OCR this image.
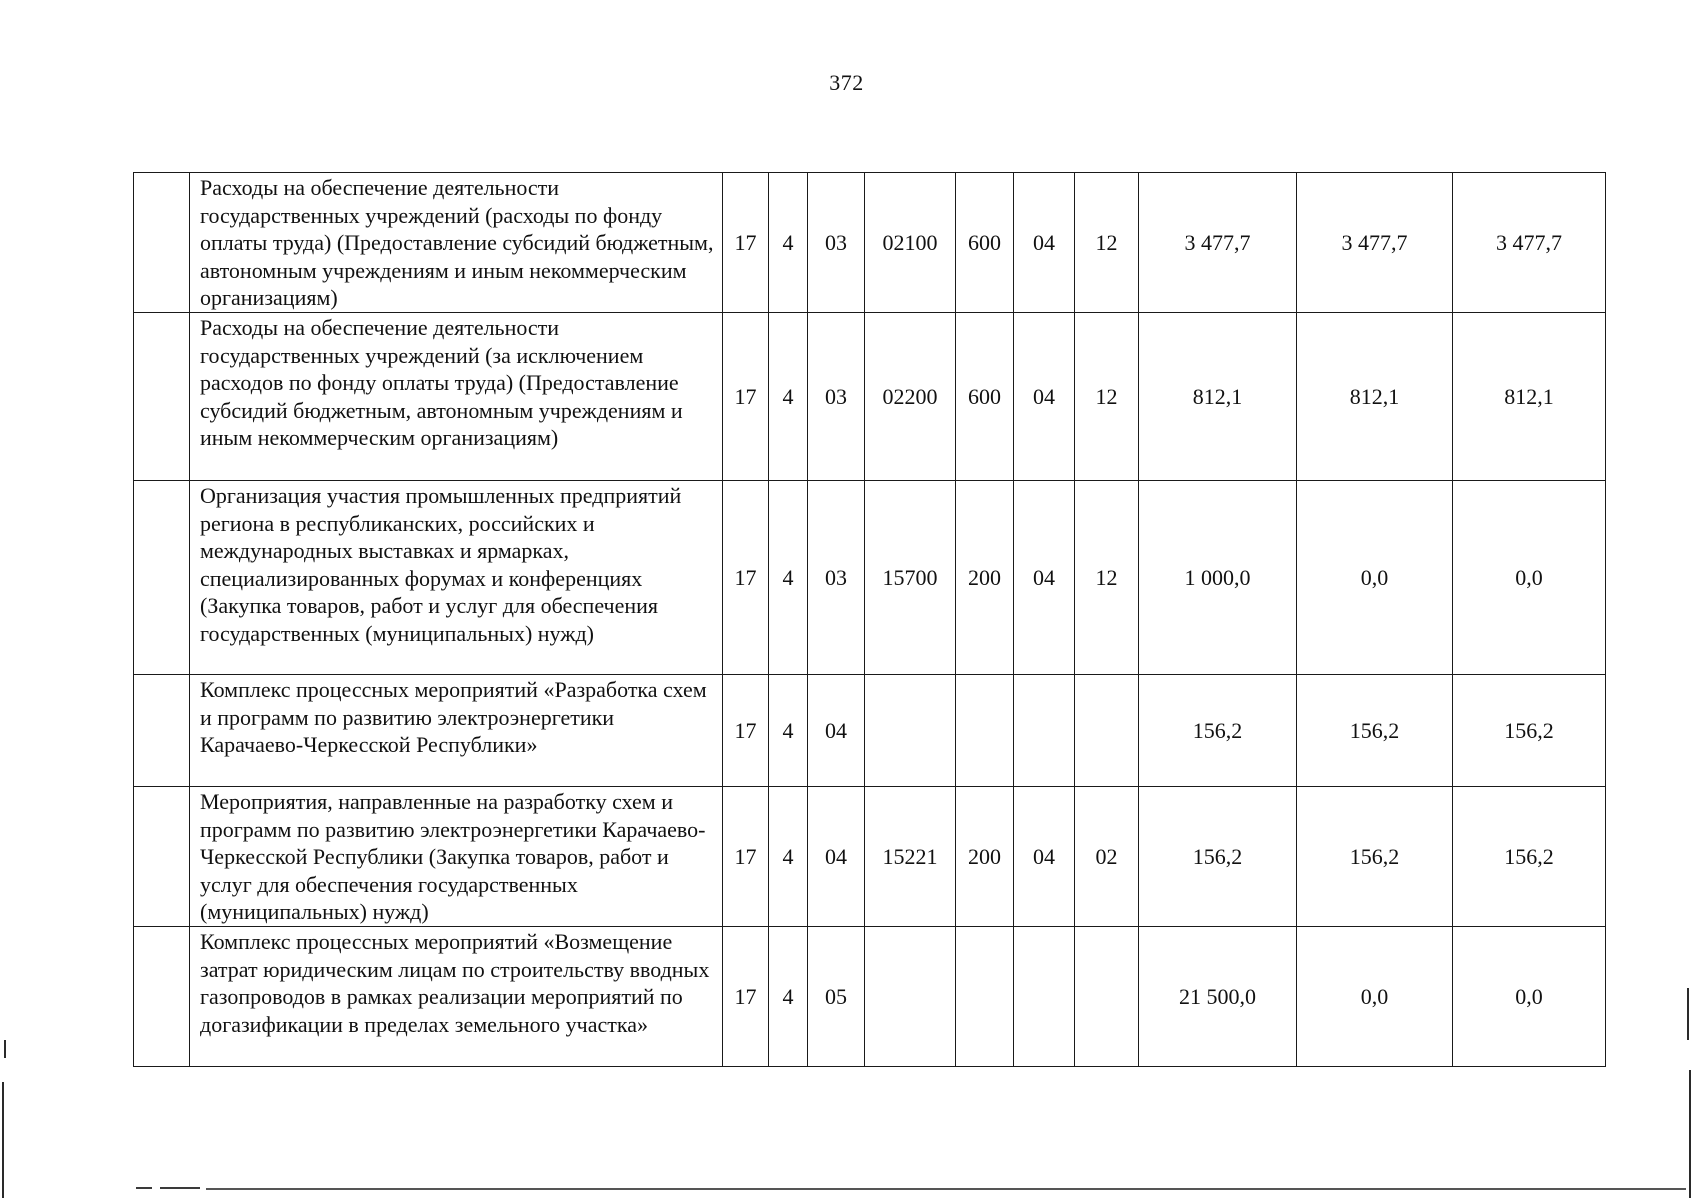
372
	Расходы на обеспечение деятельности государственных учреждений (расходы по фонду оплаты труда) (Предоставление субсидий бюджетным, автономным учреждениям и иным некоммерческим организациям)	17	4	03	02100	600	04	12	3 477,7	3 477,7	3 477,7
	Расходы на обеспечение деятельности государственных учреждений (за исключением расходов по фонду оплаты труда) (Предоставление субсидий бюджетным, автономным учреждениям и иным некоммерческим организациям)	17	4	03	02200	600	04	12	812,1	812,1	812,1
	Организация участия промышленных предприятий региона в республиканских, российских и международных выставках и ярмарках, специализированных форумах и конференциях (Закупка товаров, работ и услуг для обеспечения государственных (муниципальных) нужд)	17	4	03	15700	200	04	12	1 000,0	0,0	0,0
	Комплекс процессных мероприятий «Разработка схем и программ по развитию электроэнергетики Карачаево-Черкесской Республики»	17	4	04					156,2	156,2	156,2
	Мероприятия, направленные на разработку схем и программ по развитию электроэнергетики Карачаево-Черкесской Республики (Закупка товаров, работ и услуг для обеспечения государственных (муниципальных) нужд)	17	4	04	15221	200	04	02	156,2	156,2	156,2
	Комплекс процессных мероприятий «Возмещение затрат юридическим лицам по строительству вводных газопроводов в рамках реализации мероприятий по догазификации в пределах земельного участка»	17	4	05					21 500,0	0,0	0,0
